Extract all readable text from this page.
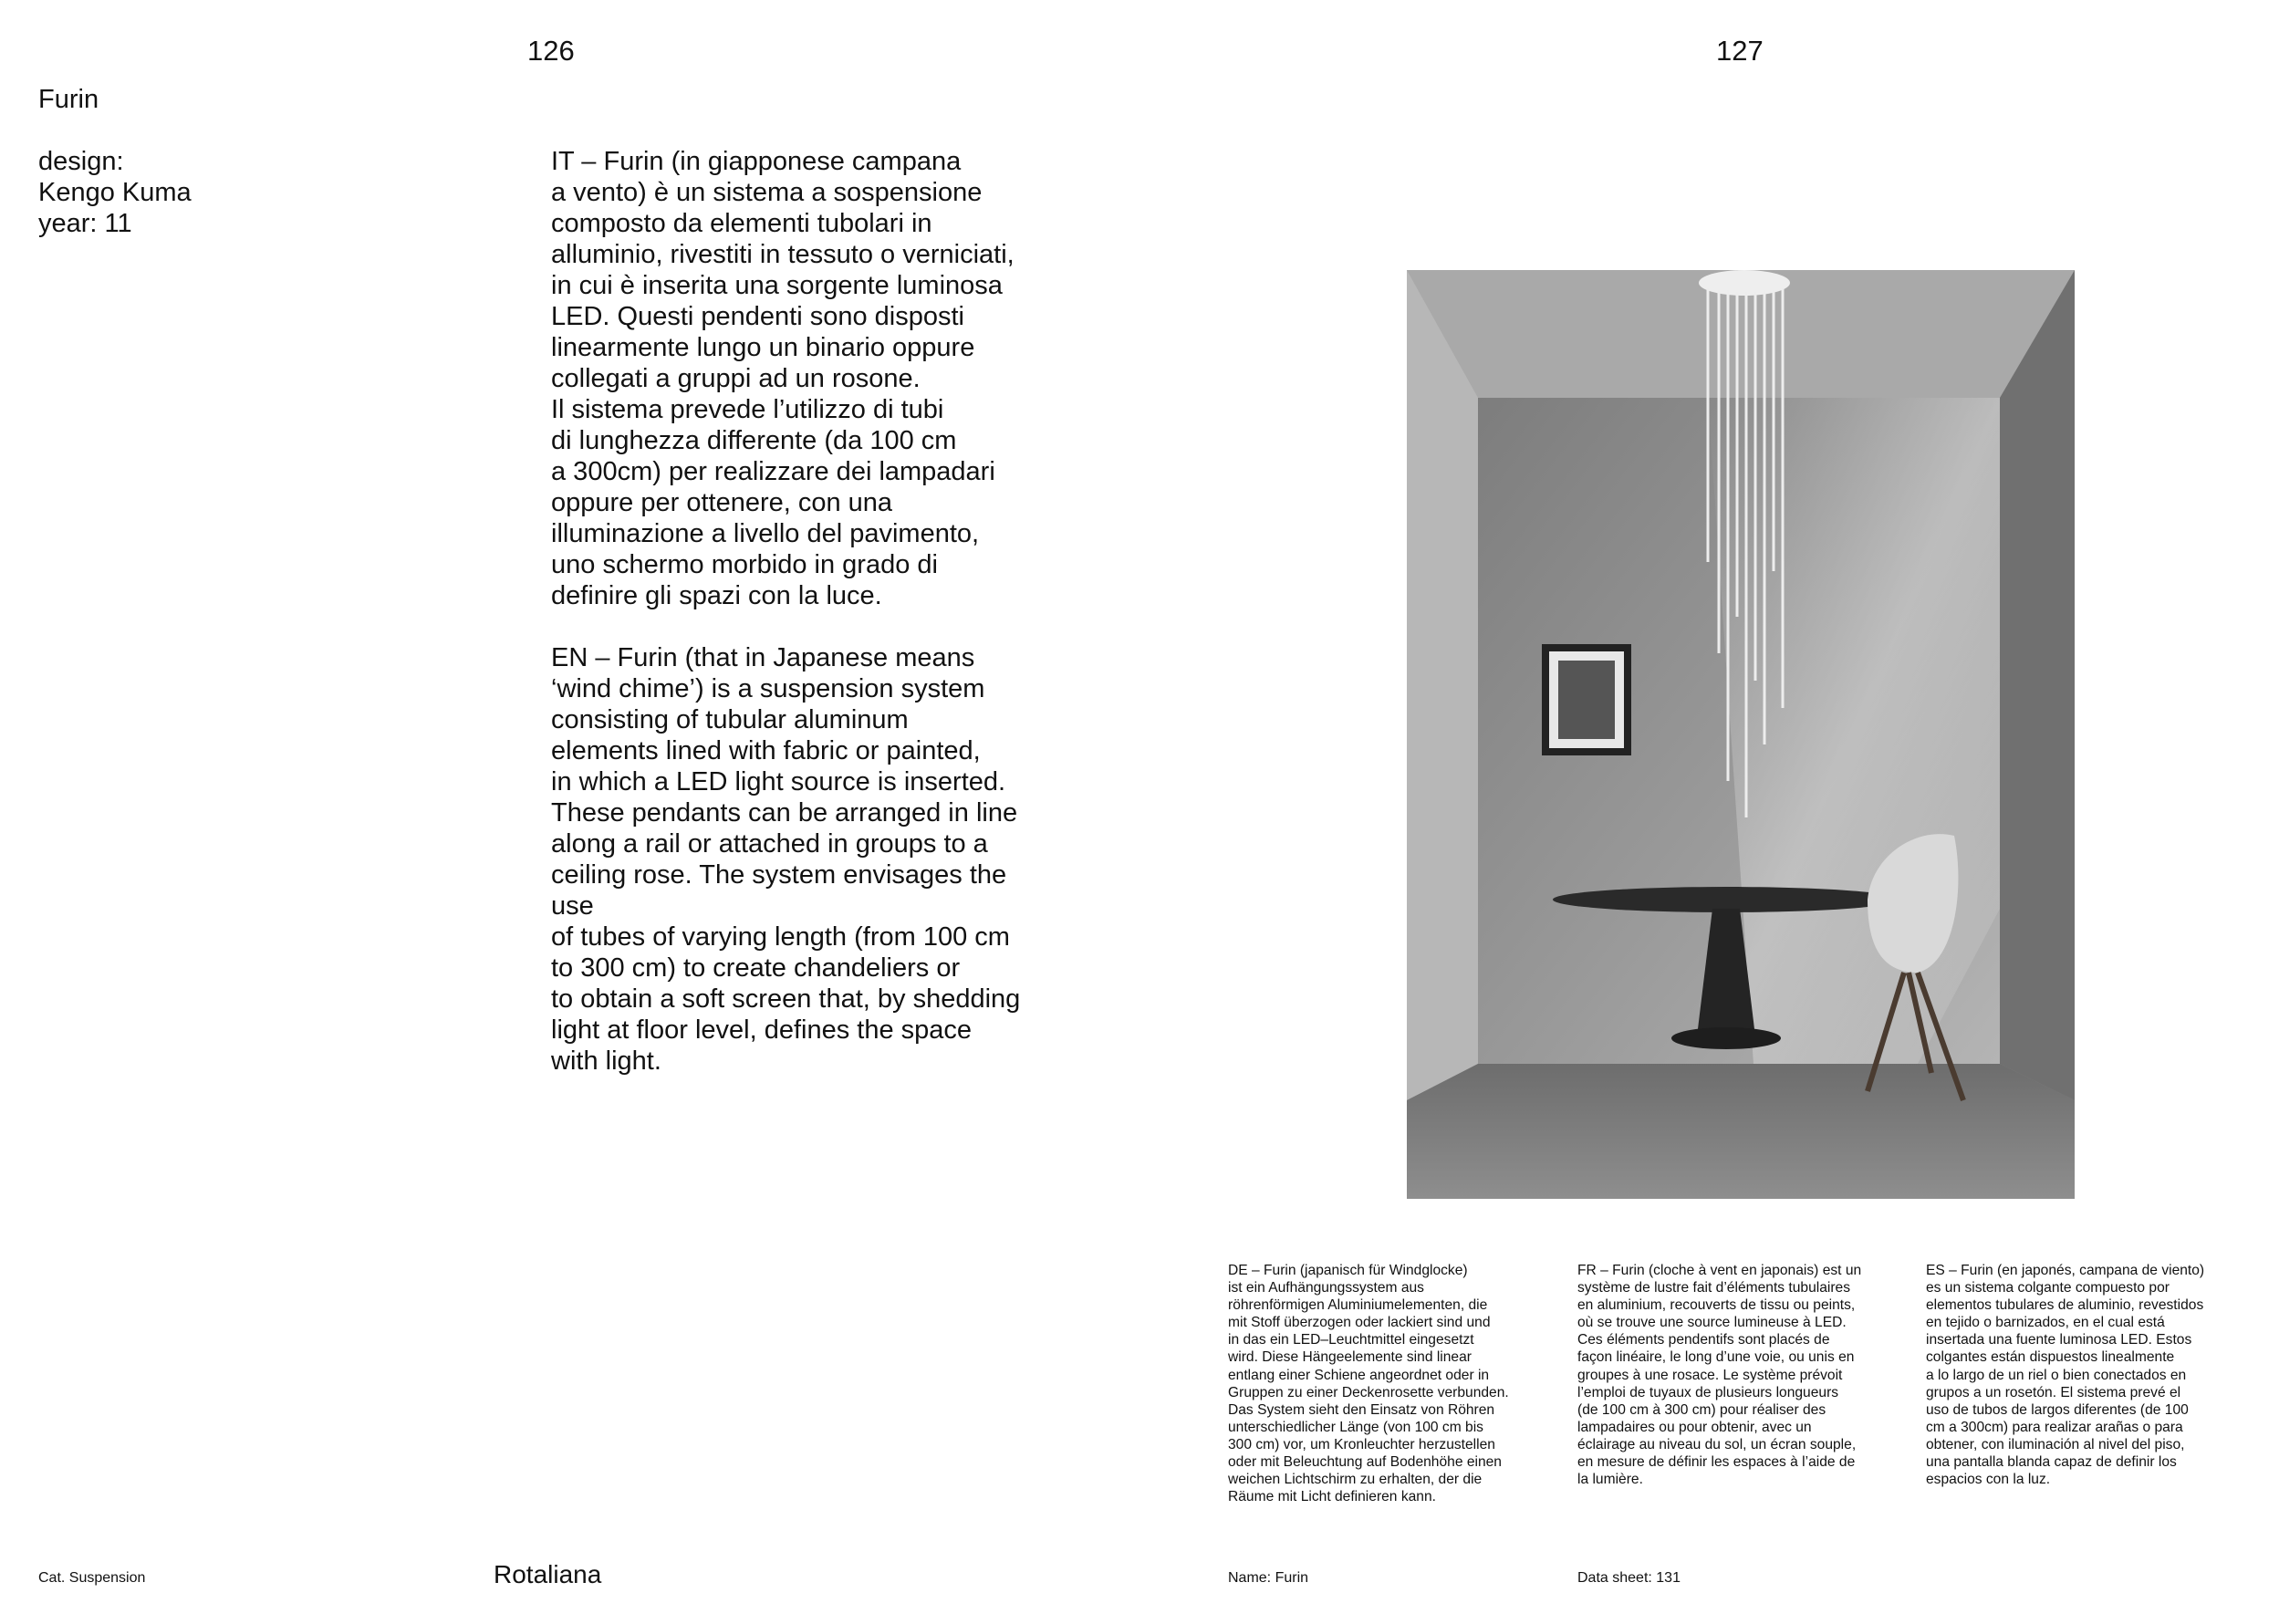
126
Furin
design:
Kengo Kuma
year: 11

IT – Furin (in giapponese campana
a vento) è un sistema a sospensione
composto da elementi tubolari in
alluminio, rivestiti in tessuto o verniciati,
in cui è inserita una sorgente luminosa
LED. Questi pendenti sono disposti
linearmente lungo un binario oppure
collegati a gruppi ad un rosone.
Il sistema prevede l’utilizzo di tubi
di lunghezza differente (da 100 cm
a 300cm) per realizzare dei lampadari
oppure per ottenere, con una
illuminazione a livello del pavimento,
uno schermo morbido in grado di
definire gli spazi con la luce.

EN – Furin (that in Japanese means
‘wind chime’) is a suspension system
consisting of tubular aluminum
elements lined with fabric or painted,
in which a LED light source is inserted.
These pendants can be arranged in line
along a rail or attached in groups to a
ceiling rose. The system envisages the
use
of tubes of varying length (from 100 cm
to 300 cm) to create chandeliers or
to obtain a soft screen that, by shedding
light at floor level, defines the space
with light.

Cat. Suspension	Rotaliana
127
DE – Furin (japanisch für Windglocke)
ist ein Aufhängungssystem aus
röhrenförmigen Aluminiumelementen, die
mit Stoff überzogen oder lackiert sind und
in das ein LED–Leuchtmittel eingesetzt
wird. Diese Hängeelemente sind linear
entlang einer Schiene angeordnet oder in
Gruppen zu einer Deckenrosette verbunden.
Das System sieht den Einsatz von Röhren
unterschiedlicher Länge (von 100 cm bis
300 cm) vor, um Kronleuchter herzustellen
oder mit Beleuchtung auf Bodenhöhe einen
weichen Lichtschirm zu erhalten, der die
Räume mit Licht definieren kann.
FR – Furin (cloche à vent en japonais) est un
système de lustre fait d’éléments tubulaires
en aluminium, recouverts de tissu ou peints,
où se trouve une source lumineuse à LED.
Ces éléments pendentifs sont placés de
façon linéaire, le long d’une voie, ou unis en
groupes à une rosace. Le système prévoit
l’emploi de tuyaux de plusieurs longueurs
(de 100 cm à 300 cm) pour réaliser des
lampadaires ou pour obtenir, avec un
éclairage au niveau du sol, un écran souple,
en mesure de définir les espaces à l’aide de
la lumière.
ES – Furin (en japonés, campana de viento)
es un sistema colgante compuesto por
elementos tubulares de aluminio, revestidos
en tejido o barnizados, en el cual está
insertada una fuente luminosa LED. Estos
colgantes están dispuestos linealmente
a lo largo de un riel o bien conectados en
grupos a un rosetón. El sistema prevé el
uso de tubos de largos diferentes (de 100
cm a 300cm) para realizar arañas o para
obtener, con iluminación al nivel del piso,
una pantalla blanda capaz de definir los
espacios con la luz.
Name: Furin	Data sheet: 131
